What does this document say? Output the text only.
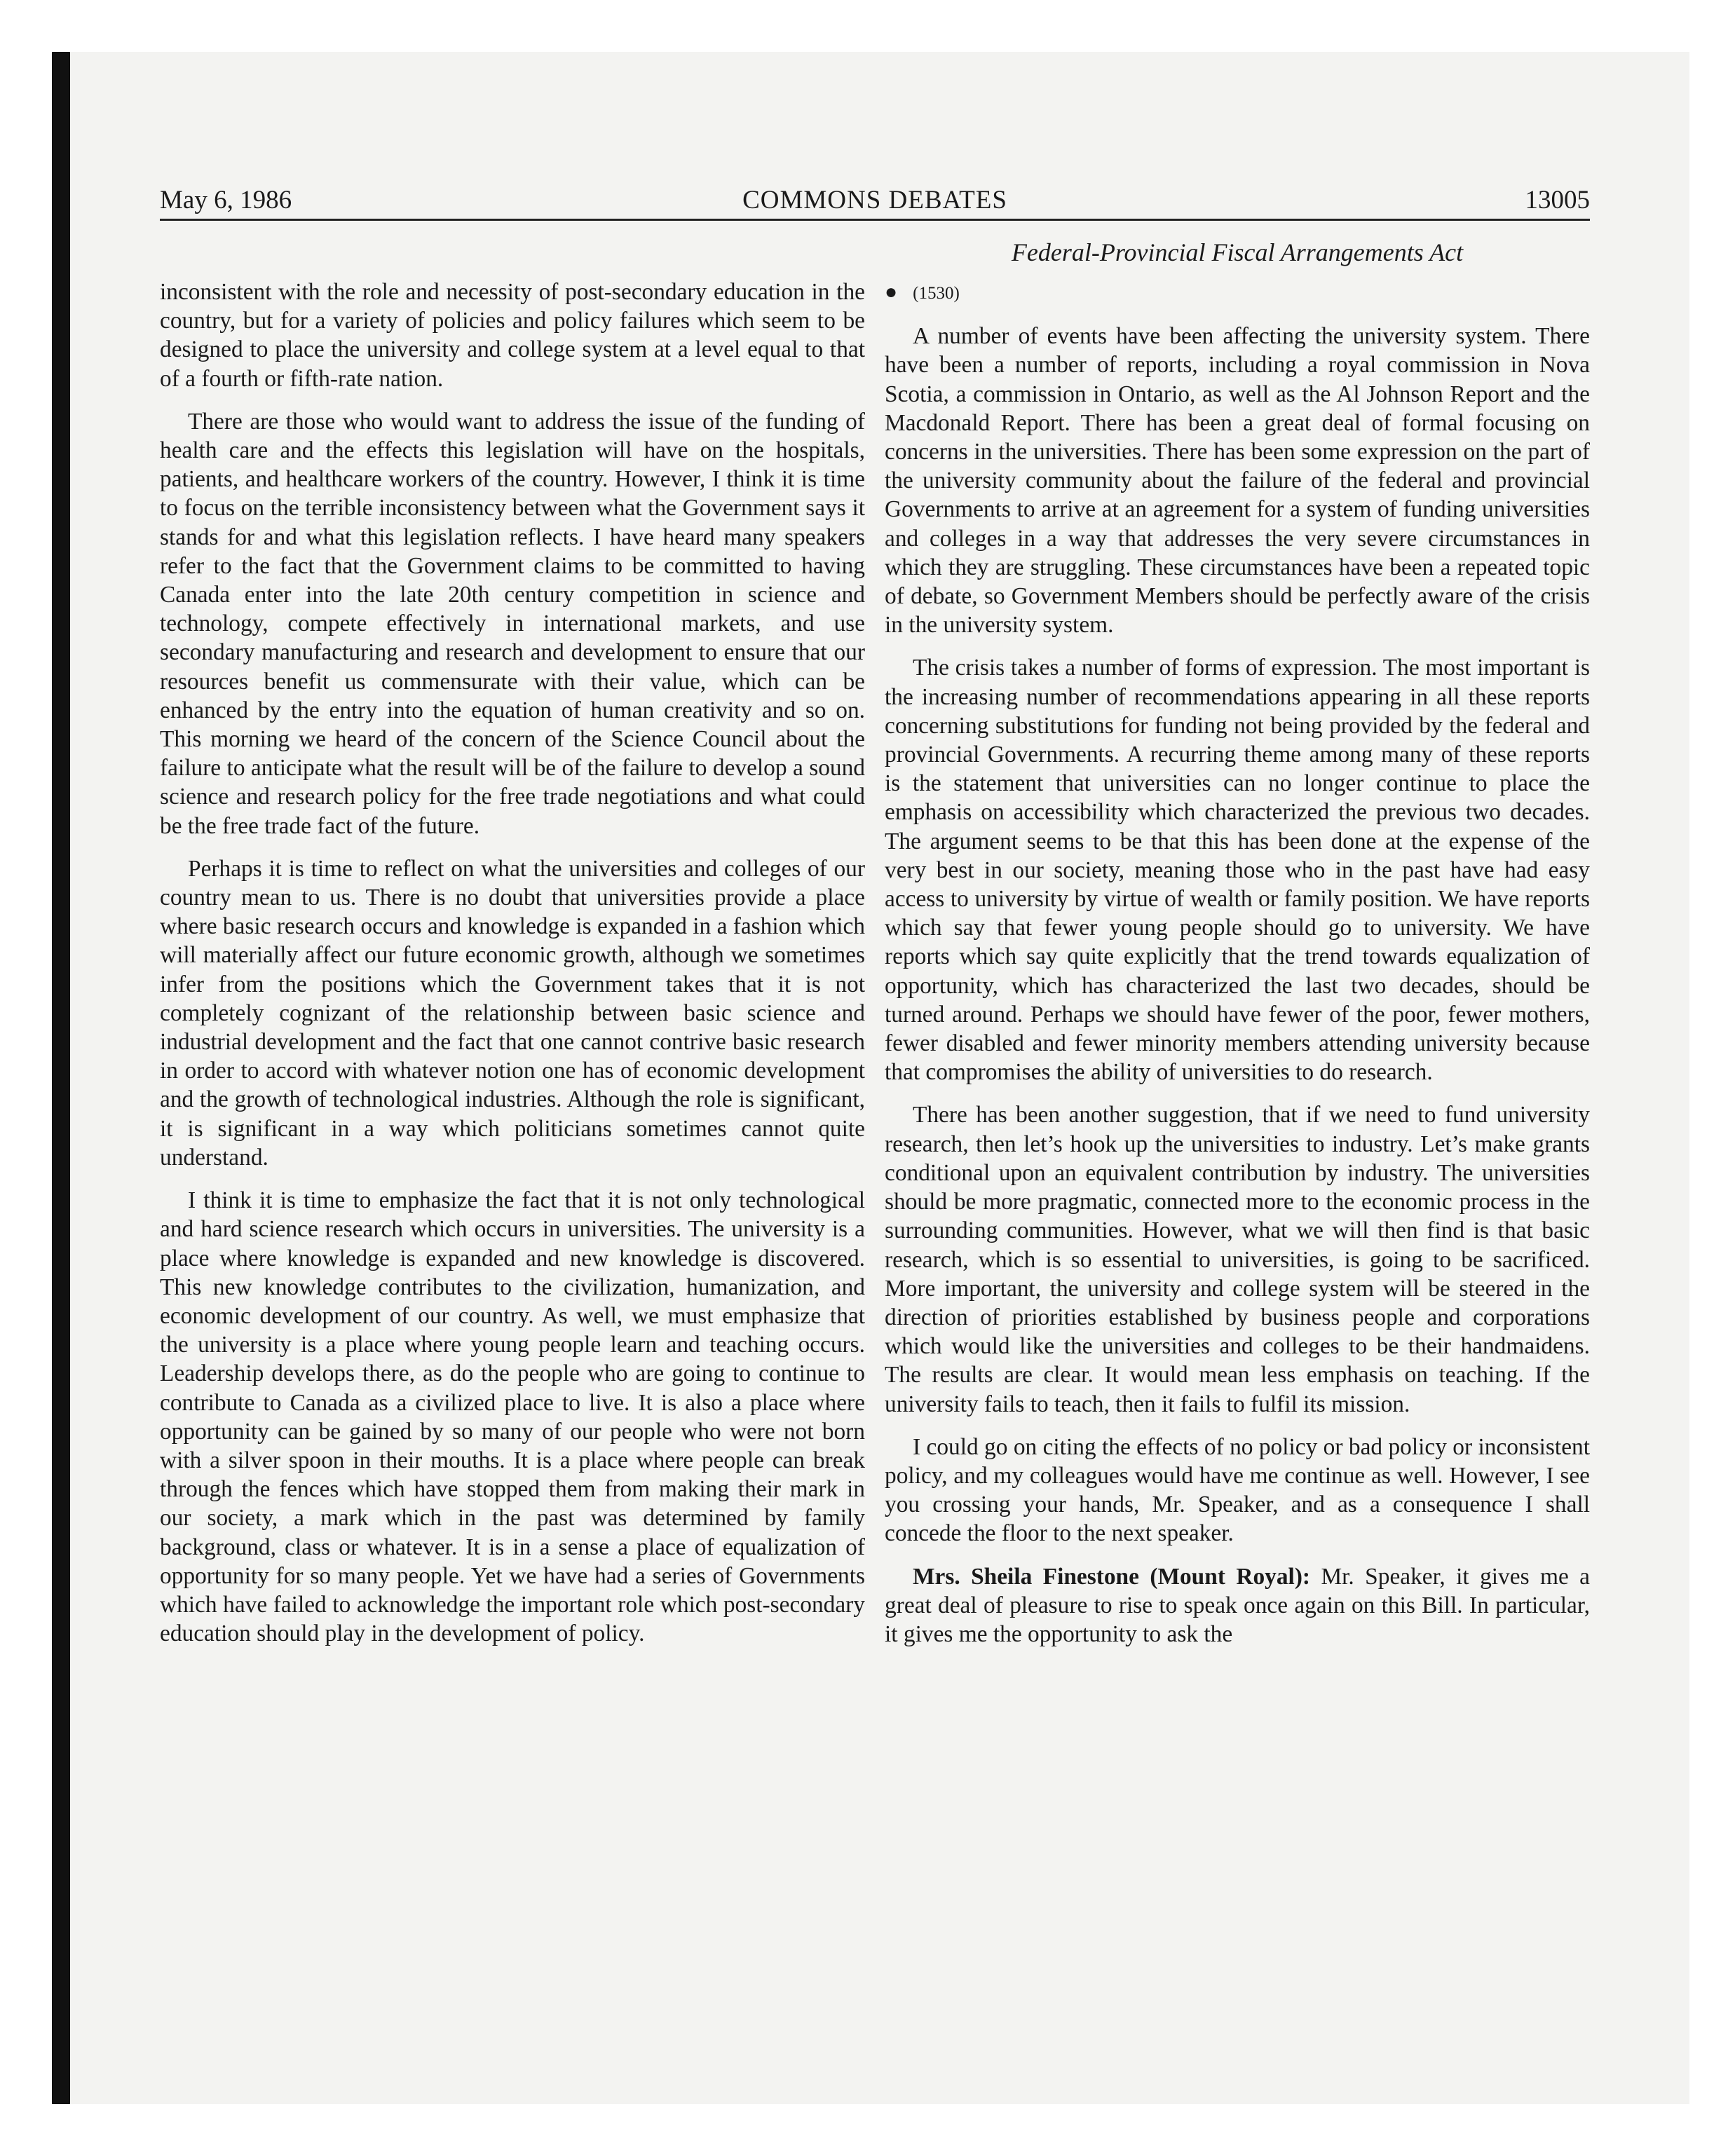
May 6, 1986	COMMONS DEBATES	13005
Federal-Provincial Fiscal Arrangements Act

inconsistent with the role and necessity of post-secondary education in the country, but for a variety of policies and policy failures which seem to be designed to place the university and college system at a level equal to that of a fourth or fifth-rate nation.

There are those who would want to address the issue of the funding of health care and the effects this legislation will have on the hospitals, patients, and healthcare workers of the country. However, I think it is time to focus on the terrible inconsistency between what the Government says it stands for and what this legislation reflects. I have heard many speakers refer to the fact that the Government claims to be committed to having Canada enter into the late 20th century competition in science and technology, compete effectively in international markets, and use secondary manufacturing and research and development to ensure that our resources benefit us commensurate with their value, which can be enhanced by the entry into the equation of human creativity and so on. This morning we heard of the concern of the Science Council about the failure to anticipate what the result will be of the failure to develop a sound science and research policy for the free trade negotiations and what could be the free trade fact of the future.

Perhaps it is time to reflect on what the universities and colleges of our country mean to us. There is no doubt that universities provide a place where basic research occurs and knowledge is expanded in a fashion which will materially affect our future economic growth, although we sometimes infer from the positions which the Government takes that it is not completely cognizant of the relationship between basic science and industrial development and the fact that one cannot contrive basic research in order to accord with whatever notion one has of economic development and the growth of technological industries. Although the role is significant, it is significant in a way which politicians sometimes cannot quite understand.

I think it is time to emphasize the fact that it is not only technological and hard science research which occurs in universities. The university is a place where knowledge is expanded and new knowledge is discovered. This new knowledge contributes to the civilization, humanization, and economic development of our country. As well, we must emphasize that the university is a place where young people learn and teaching occurs. Leadership develops there, as do the people who are going to continue to contribute to Canada as a civilized place to live. It is also a place where opportunity can be gained by so many of our people who were not born with a silver spoon in their mouths. It is a place where people can break through the fences which have stopped them from making their mark in our society, a mark which in the past was determined by family background, class or whatever. It is in a sense a place of equalization of opportunity for so many people. Yet we have had a series of Governments which have failed to acknowledge the important role which post-secondary education should play in the development of policy.

● (1530)

A number of events have been affecting the university system. There have been a number of reports, including a royal commission in Nova Scotia, a commission in Ontario, as well as the Al Johnson Report and the Macdonald Report. There has been a great deal of formal focusing on concerns in the universities. There has been some expression on the part of the university community about the failure of the federal and provincial Governments to arrive at an agreement for a system of funding universities and colleges in a way that addresses the very severe circumstances in which they are struggling. These circumstances have been a repeated topic of debate, so Government Members should be perfectly aware of the crisis in the university system.

The crisis takes a number of forms of expression. The most important is the increasing number of recommendations appearing in all these reports concerning substitutions for funding not being provided by the federal and provincial Governments. A recurring theme among many of these reports is the statement that universities can no longer continue to place the emphasis on accessibility which characterized the previous two decades. The argument seems to be that this has been done at the expense of the very best in our society, meaning those who in the past have had easy access to university by virtue of wealth or family position. We have reports which say that fewer young people should go to university. We have reports which say quite explicitly that the trend towards equalization of opportunity, which has characterized the last two decades, should be turned around. Perhaps we should have fewer of the poor, fewer mothers, fewer disabled and fewer minority members attending university because that compromises the ability of universities to do research.

There has been another suggestion, that if we need to fund university research, then let’s hook up the universities to industry. Let’s make grants conditional upon an equivalent contribution by industry. The universities should be more pragmatic, connected more to the economic process in the surrounding communities. However, what we will then find is that basic research, which is so essential to universities, is going to be sacrificed. More important, the university and college system will be steered in the direction of priorities established by business people and corporations which would like the universities and colleges to be their handmaidens. The results are clear. It would mean less emphasis on teaching. If the university fails to teach, then it fails to fulfil its mission.

I could go on citing the effects of no policy or bad policy or inconsistent policy, and my colleagues would have me continue as well. However, I see you crossing your hands, Mr. Speaker, and as a consequence I shall concede the floor to the next speaker.

Mrs. Sheila Finestone (Mount Royal): Mr. Speaker, it gives me a great deal of pleasure to rise to speak once again on this Bill. In particular, it gives me the opportunity to ask the
